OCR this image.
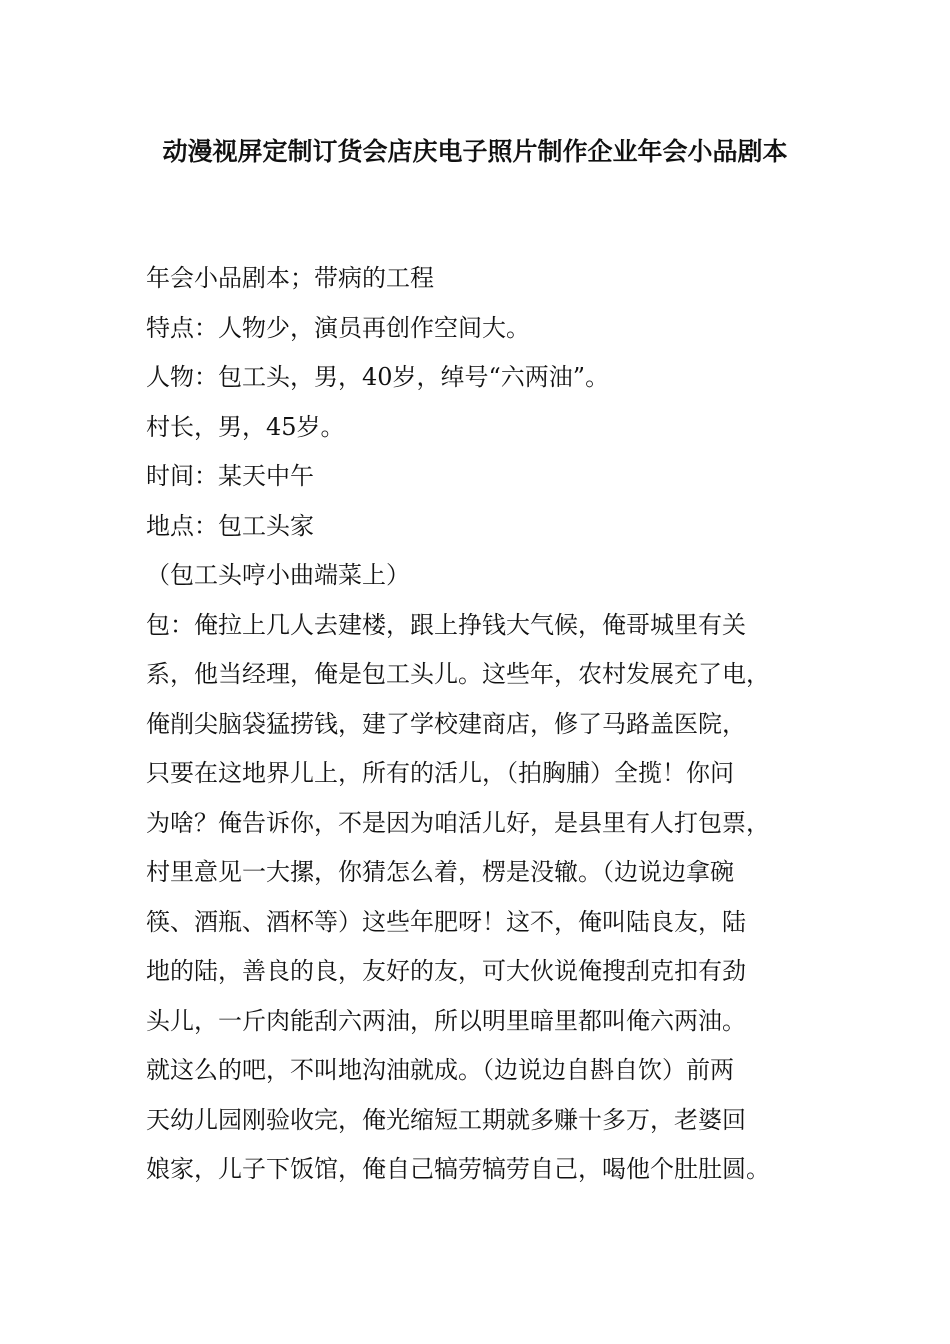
动漫视屏定制订货会店庆电子照片制作企业年会小品剧本
年会小品剧本；带病的工程
特点：人物少，演员再创作空间大。
人物：包工头，男，40岁，绰号“六两油”。
村长，男，45岁。
时间：某天中午
地点：包工头家
（包工头哼小曲端菜上）
包：俺拉上几人去建楼，跟上挣钱大气候，俺哥城里有关
系，他当经理，俺是包工头儿。这些年，农村发展充了电，
俺削尖脑袋猛捞钱，建了学校建商店，修了马路盖医院，
只要在这地界儿上，所有的活儿，（拍胸脯）全揽！你问
为啥？俺告诉你，不是因为咱活儿好，是县里有人打包票，
村里意见一大摞，你猜怎么着，楞是没辙。（边说边拿碗
筷、酒瓶、酒杯等）这些年肥呀！这不，俺叫陆良友，陆
地的陆，善良的良，友好的友，可大伙说俺搜刮克扣有劲
头儿，一斤肉能刮六两油，所以明里暗里都叫俺六两油。
就这么的吧，不叫地沟油就成。（边说边自斟自饮）前两
天幼儿园刚验收完，俺光缩短工期就多赚十多万，老婆回
娘家，儿子下饭馆，俺自己犒劳犒劳自己，喝他个肚肚圆。
